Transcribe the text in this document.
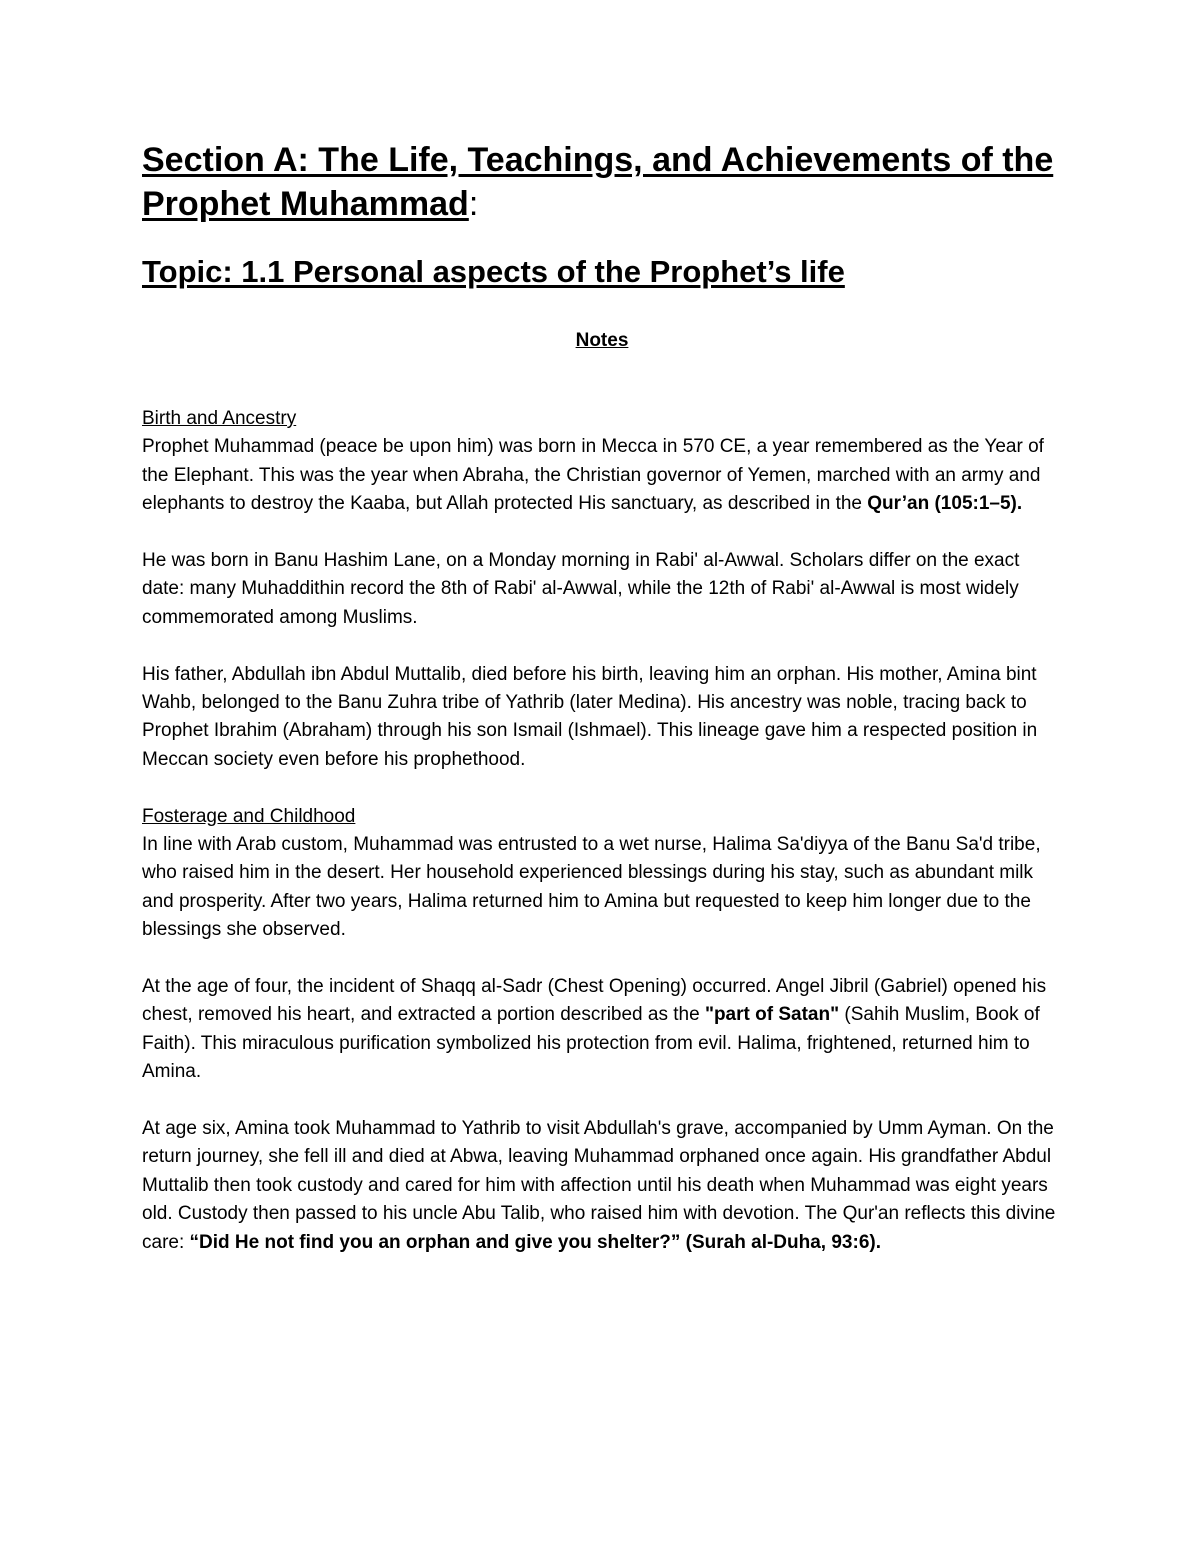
Section A: The Life, Teachings, and Achievements of the Prophet Muhammad:
Topic: 1.1 Personal aspects of the Prophet’s life
Notes
Birth and Ancestry

Prophet Muhammad (peace be upon him) was born in Mecca in 570 CE, a year remembered as the Year of the Elephant. This was the year when Abraha, the Christian governor of Yemen, marched with an army and elephants to destroy the Kaaba, but Allah protected His sanctuary, as described in the Qur’an (105:1–5).

He was born in Banu Hashim Lane, on a Monday morning in Rabi' al-Awwal. Scholars differ on the exact date: many Muhaddithin record the 8th of Rabi' al-Awwal, while the 12th of Rabi' al-Awwal is most widely commemorated among Muslims.

His father, Abdullah ibn Abdul Muttalib, died before his birth, leaving him an orphan. His mother, Amina bint Wahb, belonged to the Banu Zuhra tribe of Yathrib (later Medina). His ancestry was noble, tracing back to Prophet Ibrahim (Abraham) through his son Ismail (Ishmael). This lineage gave him a respected position in Meccan society even before his prophethood.

Fosterage and Childhood

In line with Arab custom, Muhammad was entrusted to a wet nurse, Halima Sa'diyya of the Banu Sa'd tribe, who raised him in the desert. Her household experienced blessings during his stay, such as abundant milk and prosperity. After two years, Halima returned him to Amina but requested to keep him longer due to the blessings she observed.

At the age of four, the incident of Shaqq al-Sadr (Chest Opening) occurred. Angel Jibril (Gabriel) opened his chest, removed his heart, and extracted a portion described as the "part of Satan" (Sahih Muslim, Book of Faith). This miraculous purification symbolized his protection from evil. Halima, frightened, returned him to Amina.

At age six, Amina took Muhammad to Yathrib to visit Abdullah's grave, accompanied by Umm Ayman. On the return journey, she fell ill and died at Abwa, leaving Muhammad orphaned once again. His grandfather Abdul Muttalib then took custody and cared for him with affection until his death when Muhammad was eight years old. Custody then passed to his uncle Abu Talib, who raised him with devotion. The Qur'an reflects this divine care: “Did He not find you an orphan and give you shelter?” (Surah al-Duha, 93:6).
